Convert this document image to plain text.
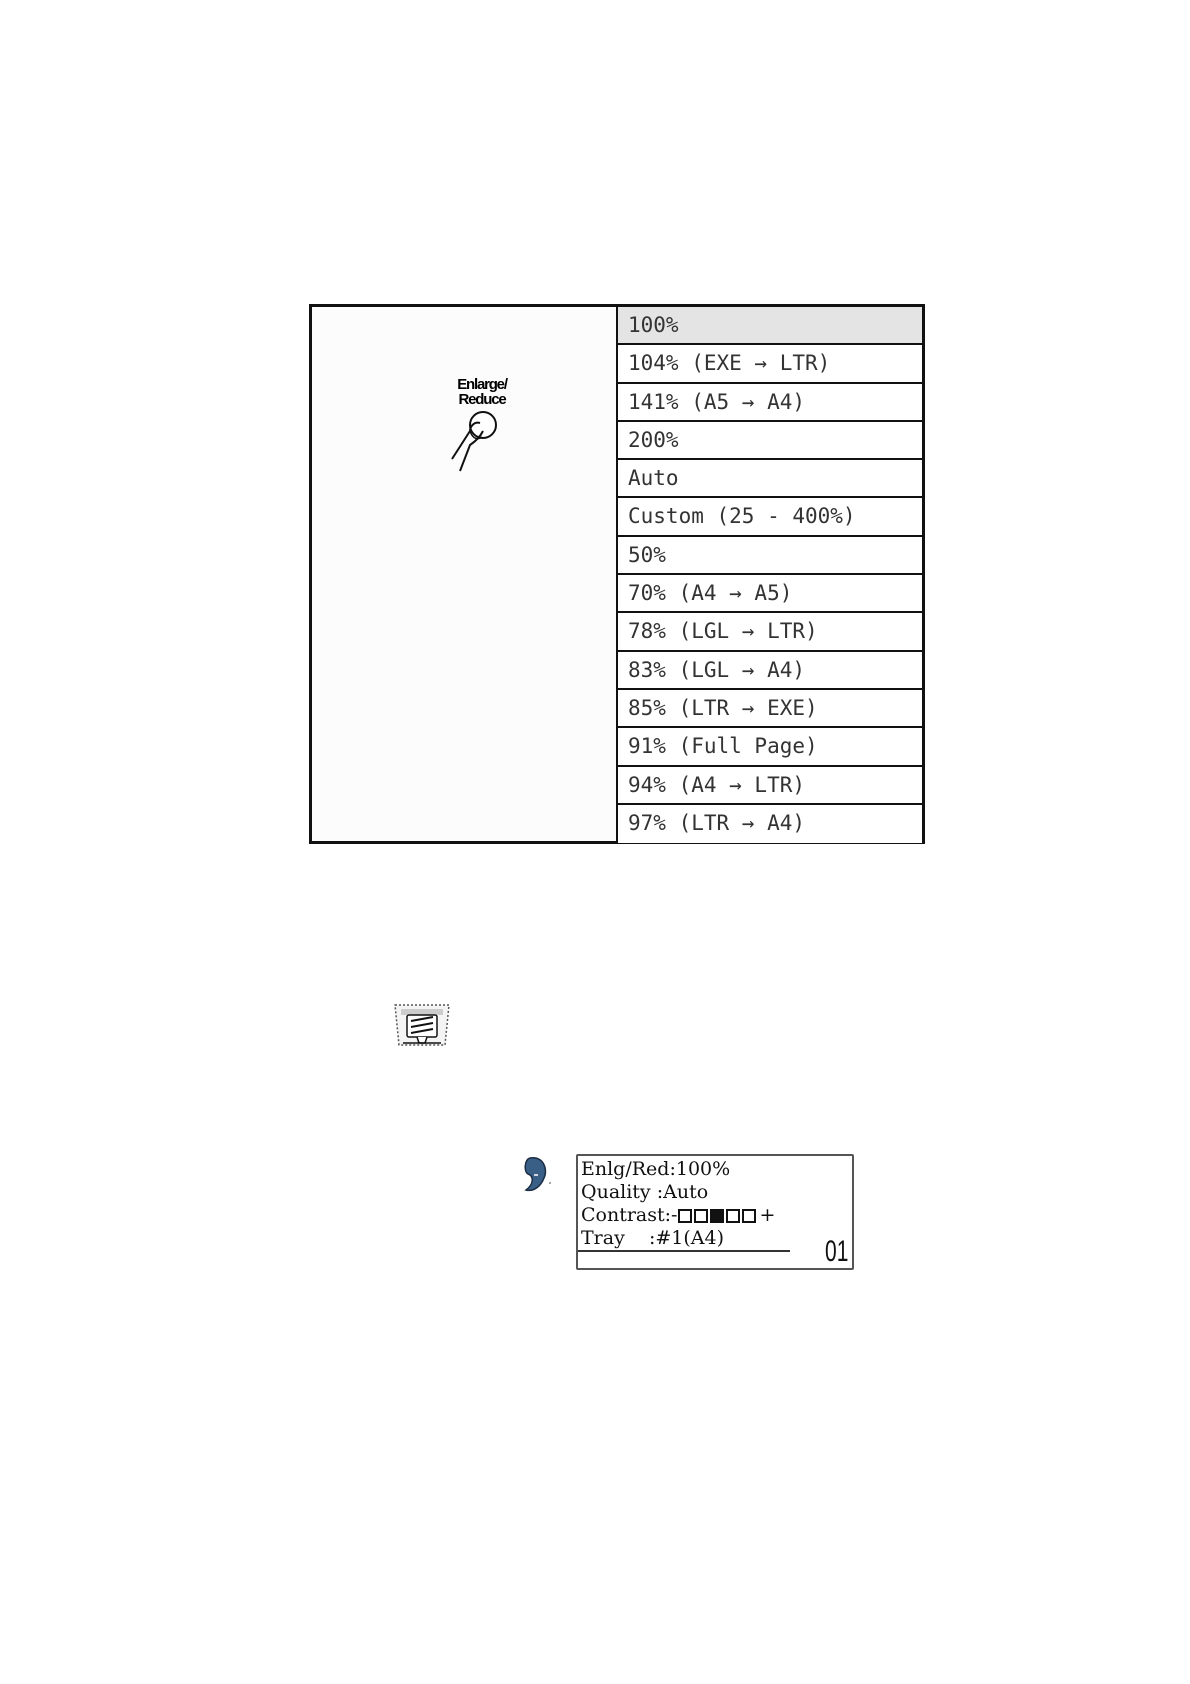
Enlarge/
Reduce
100%
104% (EXE → LTR)
141% (A5 → A4)
200%
Auto
Custom (25 - 400%)
50%
70% (A4 → A5)
78% (LGL → LTR)
83% (LGL → A4)
85% (LTR → EXE)
91% (Full Page)
94% (A4 → LTR)
97% (LTR → A4)
Enlg/Red:100%
Quality :Auto
Contrast:-	+
Tray    :#1(A4)	01
